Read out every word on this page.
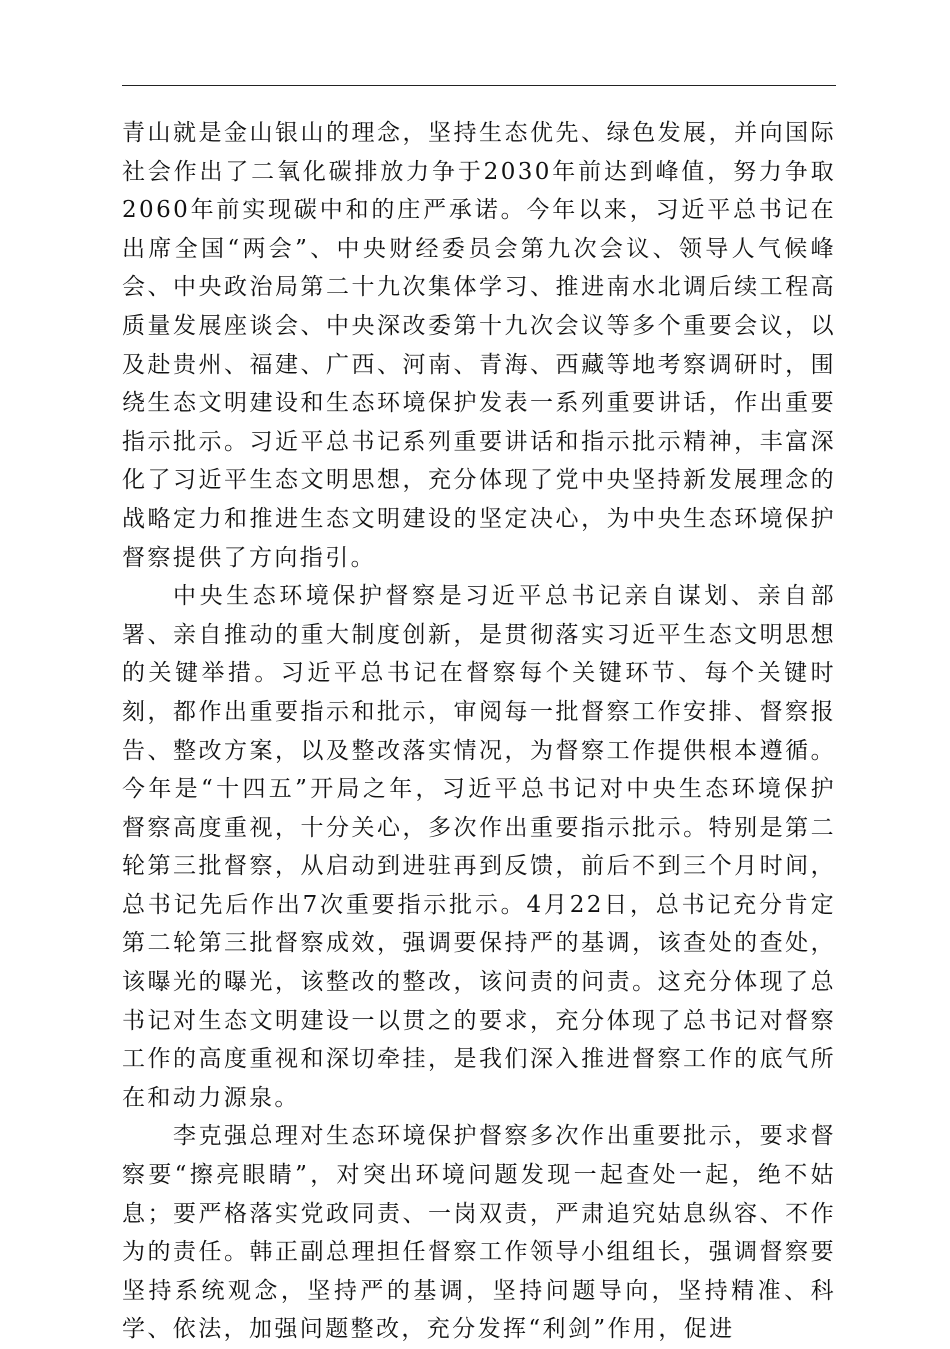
青山就是金山银山的理念，坚持生态优先、绿色发展，并向国际社会作出了二氧化碳排放力争于2030年前达到峰值，努力争取2060年前实现碳中和的庄严承诺。今年以来，习近平总书记在出席全国“两会”、中央财经委员会第九次会议、领导人气候峰会、中央政治局第二十九次集体学习、推进南水北调后续工程高质量发展座谈会、中央深改委第十九次会议等多个重要会议，以及赴贵州、福建、广西、河南、青海、西藏等地考察调研时，围绕生态文明建设和生态环境保护发表一系列重要讲话，作出重要指示批示。习近平总书记系列重要讲话和指示批示精神，丰富深化了习近平生态文明思想，充分体现了党中央坚持新发展理念的战略定力和推进生态文明建设的坚定决心，为中央生态环境保护督察提供了方向指引。

中央生态环境保护督察是习近平总书记亲自谋划、亲自部署、亲自推动的重大制度创新，是贯彻落实习近平生态文明思想的关键举措。习近平总书记在督察每个关键环节、每个关键时刻，都作出重要指示和批示，审阅每一批督察工作安排、督察报告、整改方案，以及整改落实情况，为督察工作提供根本遵循。今年是“十四五”开局之年，习近平总书记对中央生态环境保护督察高度重视，十分关心，多次作出重要指示批示。特别是第二轮第三批督察，从启动到进驻再到反馈，前后不到三个月时间，总书记先后作出7次重要指示批示。4月22日，总书记充分肯定第二轮第三批督察成效，强调要保持严的基调，该查处的查处，该曝光的曝光，该整改的整改，该问责的问责。这充分体现了总书记对生态文明建设一以贯之的要求，充分体现了总书记对督察工作的高度重视和深切牵挂，是我们深入推进督察工作的底气所在和动力源泉。

李克强总理对生态环境保护督察多次作出重要批示，要求督察要“擦亮眼睛”，对突出环境问题发现一起查处一起，绝不姑息；要严格落实党政同责、一岗双责，严肃追究姑息纵容、不作为的责任。韩正副总理担任督察工作领导小组组长，强调督察要坚持系统观念，坚持严的基调，坚持问题导向，坚持精准、科学、依法，加强问题整改，充分发挥“利剑”作用，促进
